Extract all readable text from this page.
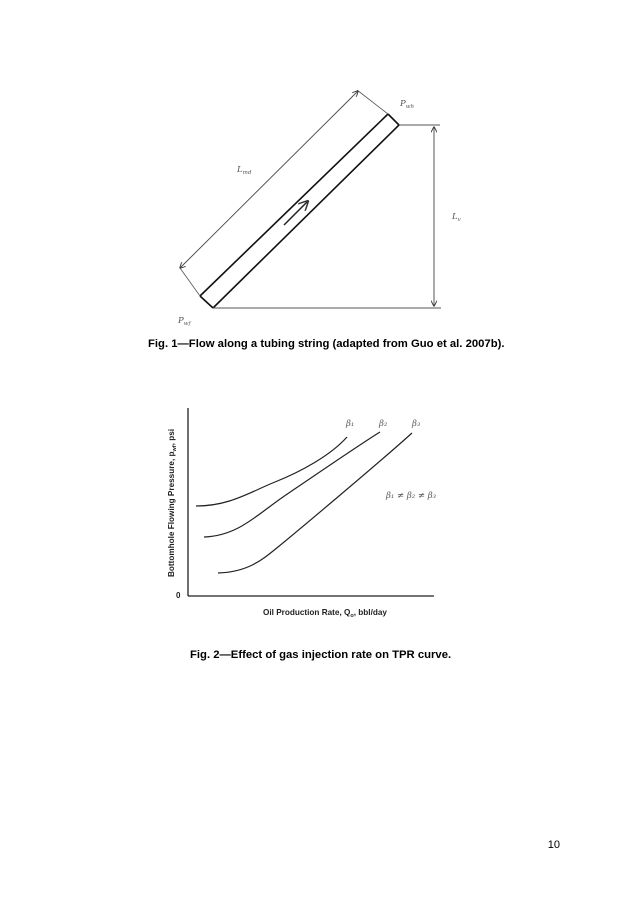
$P_{wh}$
$L_{md}$
$L_v$
$P_{wf}$
β₁	β₂	β₃
β₁ ≠ β₂ ≠ β₃
0
Bottomhole Flowing Pressure, $p_{wf}$, psi
Oil Production Rate, $Q_o$, bbl/day
Fig. 1—Flow along a tubing string (adapted from Guo et al. 2007b).
Fig. 2—Effect of gas injection rate on TPR curve.
10
